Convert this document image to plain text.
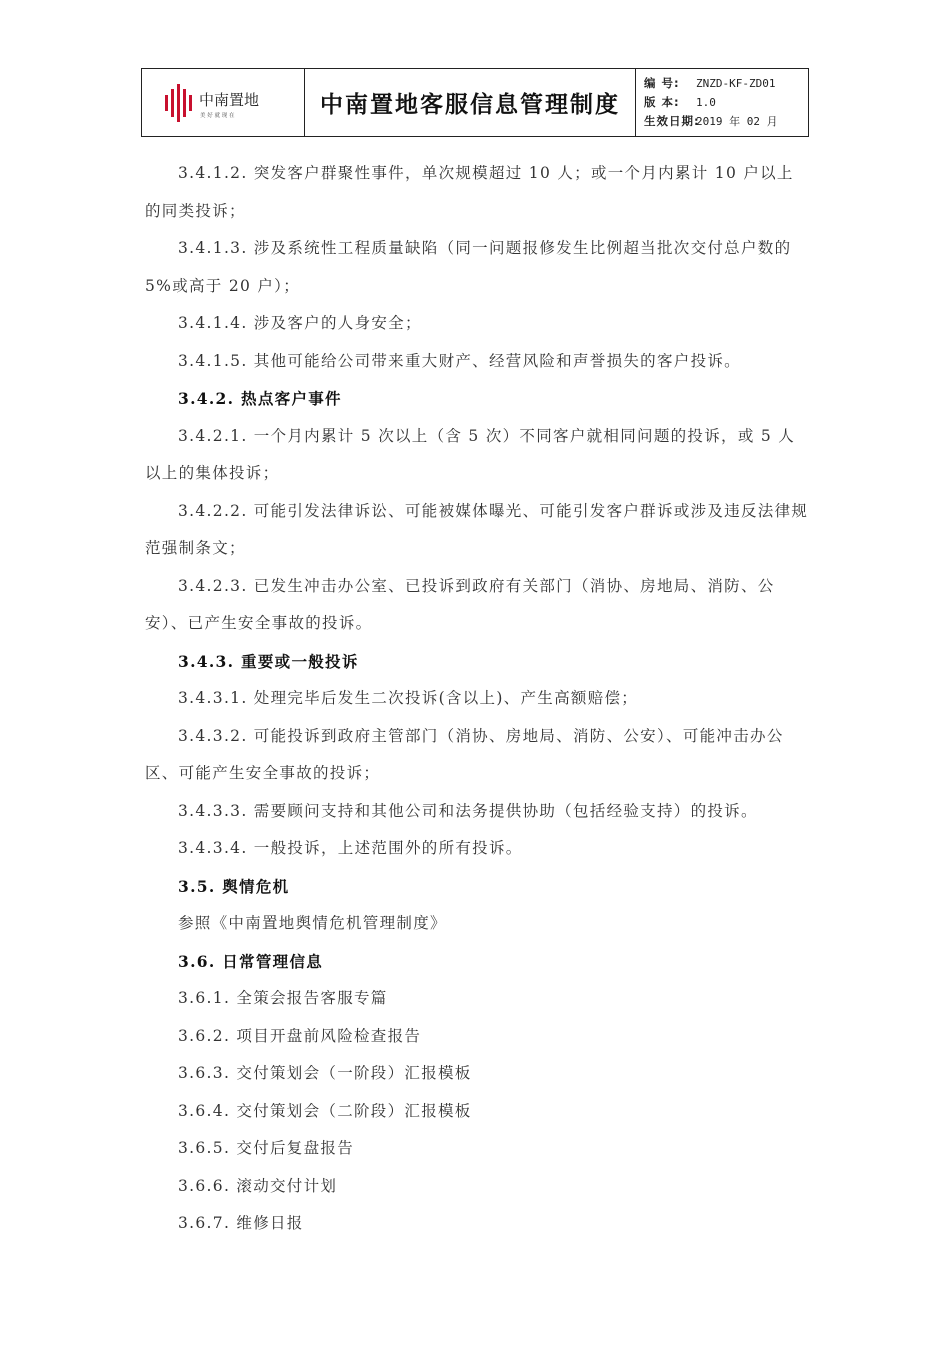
中南置地
美 好 就 现 在	中南置地客服信息管理制度
编 号:	ZNZD-KF-ZD01
版 本:	1.0
生效日期:
2019 年 02 月
3.4.1.2. 突发客户群聚性事件，单次规模超过 10 人；或一个月内累计 10 户以上的同类投诉；
3.4.1.3. 涉及系统性工程质量缺陷（同一问题报修发生比例超当批次交付总户数的 5%或高于 20 户）；
3.4.1.4. 涉及客户的人身安全；
3.4.1.5. 其他可能给公司带来重大财产、经营风险和声誉损失的客户投诉。
3.4.2. 热点客户事件
3.4.2.1. 一个月内累计 5 次以上（含 5 次）不同客户就相同问题的投诉，或 5 人以上的集体投诉；
3.4.2.2. 可能引发法律诉讼、可能被媒体曝光、可能引发客户群诉或涉及违反法律规范强制条文；
3.4.2.3. 已发生冲击办公室、已投诉到政府有关部门（消协、房地局、消防、公安）、已产生安全事故的投诉。
3.4.3. 重要或一般投诉
3.4.3.1. 处理完毕后发生二次投诉(含以上)、产生高额赔偿；
3.4.3.2. 可能投诉到政府主管部门（消协、房地局、消防、公安）、可能冲击办公区、可能产生安全事故的投诉；
3.4.3.3. 需要顾问支持和其他公司和法务提供协助（包括经验支持）的投诉。
3.4.3.4. 一般投诉，上述范围外的所有投诉。
3.5. 舆情危机
参照《中南置地舆情危机管理制度》
3.6. 日常管理信息
3.6.1. 全策会报告客服专篇
3.6.2. 项目开盘前风险检查报告
3.6.3. 交付策划会（一阶段）汇报模板
3.6.4. 交付策划会（二阶段）汇报模板
3.6.5. 交付后复盘报告
3.6.6. 滚动交付计划
3.6.7. 维修日报
